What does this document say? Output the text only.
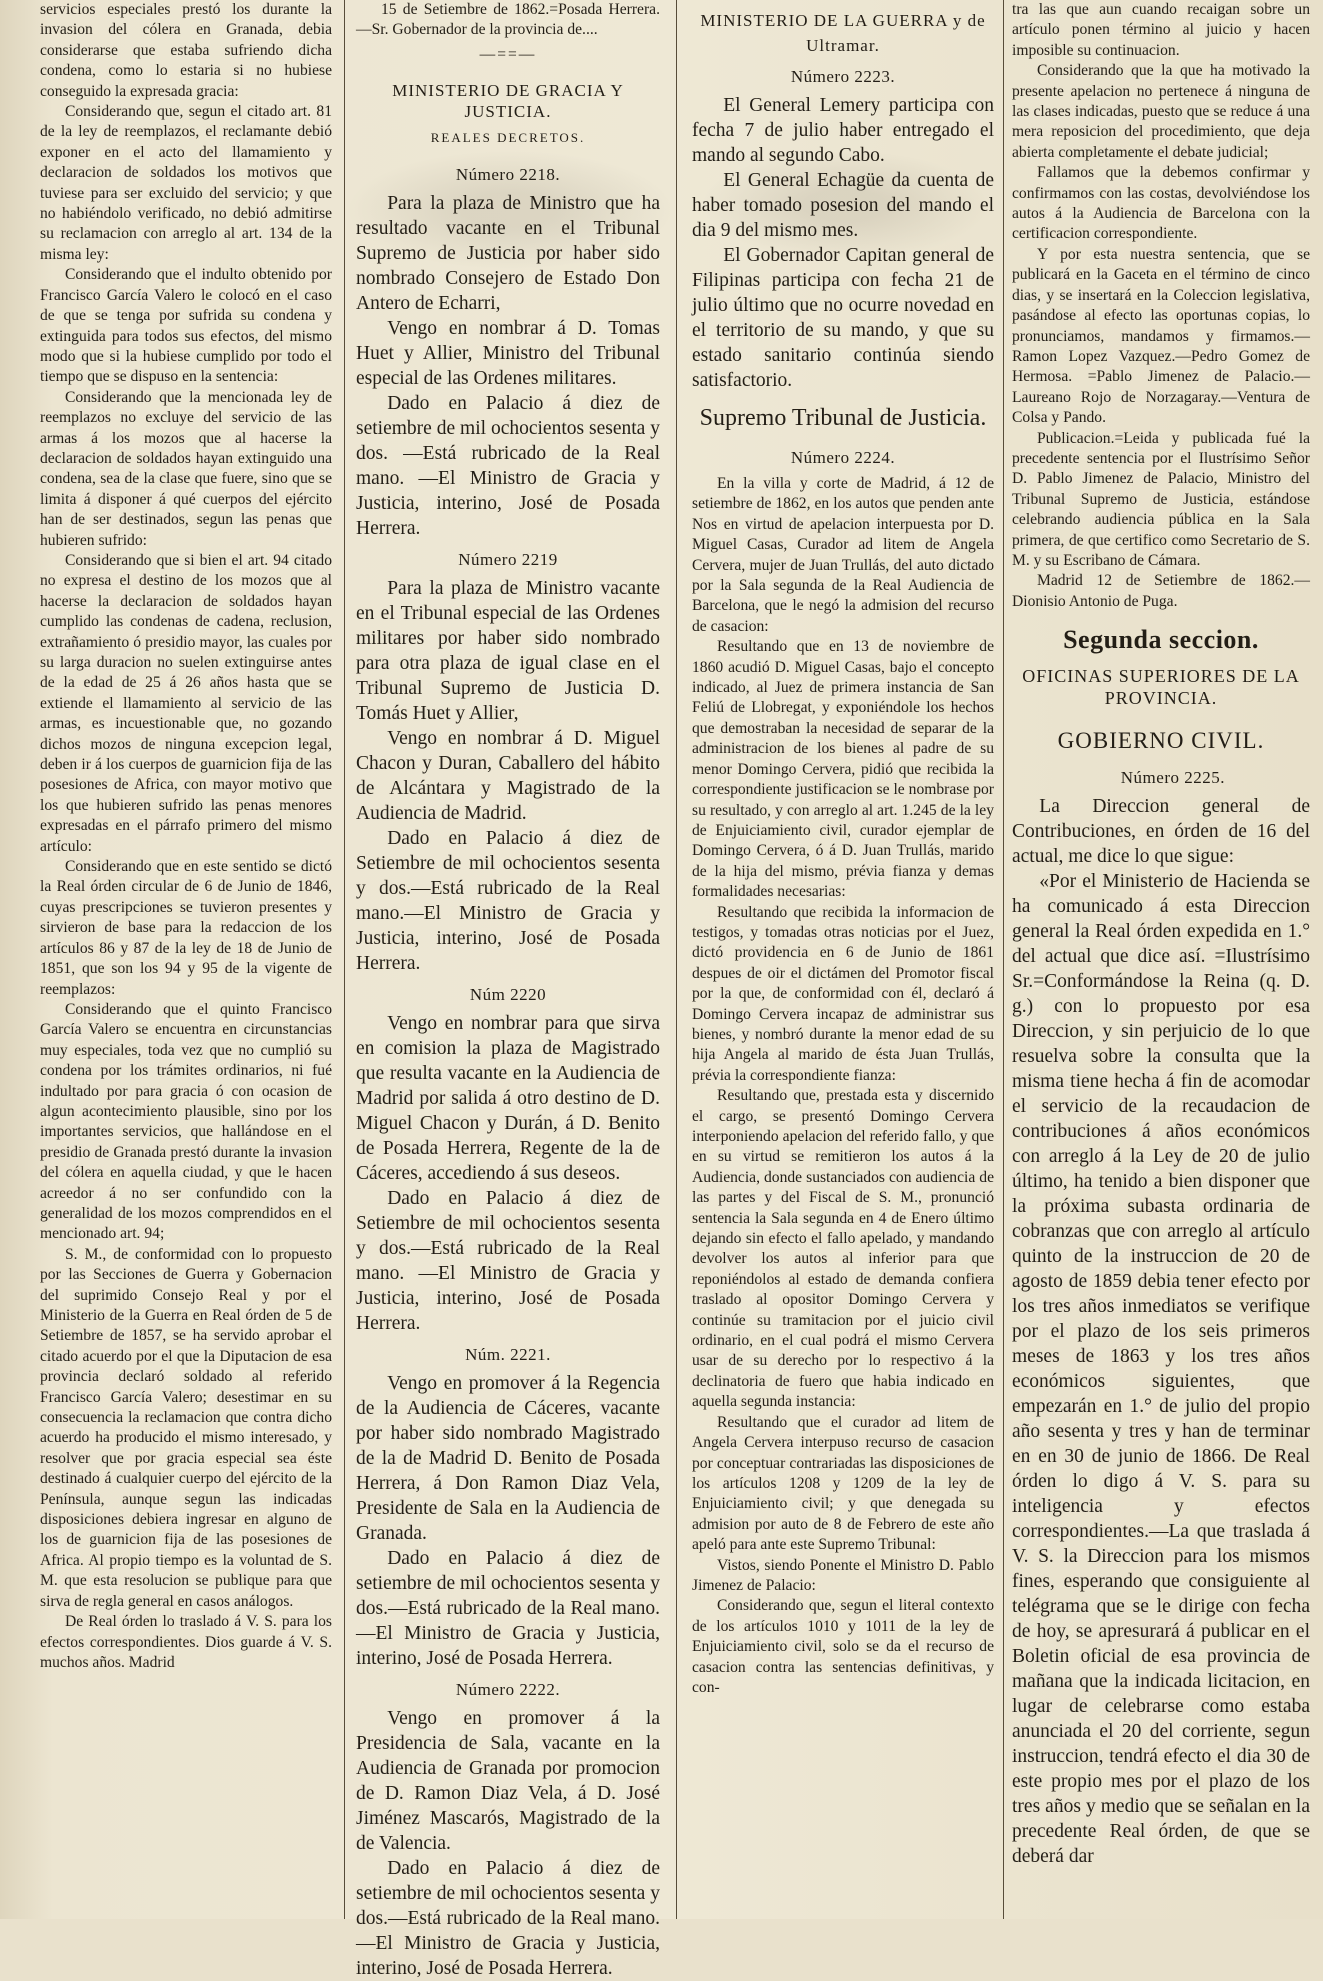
servicios especiales prestó los durante la invasion del cólera en Granada, debia considerarse que estaba sufriendo dicha condena, como lo estaria si no hubiese conseguido la expresada gracia:

Considerando que, segun el citado art. 81 de la ley de reemplazos, el reclamante debió exponer en el acto del llamamiento y declaracion de soldados los motivos que tuviese para ser excluido del servicio; y que no habiéndolo verificado, no debió admitirse su reclamacion con arreglo al art. 134 de la misma ley:

Considerando que el indulto obtenido por Francisco García Valero le colocó en el caso de que se tenga por sufrida su condena y extinguida para todos sus efectos, del mismo modo que si la hubiese cumplido por todo el tiempo que se dispuso en la sentencia:

Considerando que la mencionada ley de reemplazos no excluye del servicio de las armas á los mozos que al hacerse la declaracion de soldados hayan extinguido una condena, sea de la clase que fuere, sino que se limita á disponer á qué cuerpos del ejército han de ser destinados, segun las penas que hubieren sufrido:

Considerando que si bien el art. 94 citado no expresa el destino de los mozos que al hacerse la declaracion de soldados hayan cumplido las condenas de cadena, reclusion, extrañamiento ó presidio mayor, las cuales por su larga duracion no suelen extinguirse antes de la edad de 25 á 26 años hasta que se extiende el llamamiento al servicio de las armas, es incuestionable que, no gozando dichos mozos de ninguna excepcion legal, deben ir á los cuerpos de guarnicion fija de las posesiones de Africa, con mayor motivo que los que hubieren sufrido las penas menores expresadas en el párrafo primero del mismo artículo:

Considerando que en este sentido se dictó la Real órden circular de 6 de Junio de 1846, cuyas prescripciones se tuvieron presentes y sirvieron de base para la redaccion de los artículos 86 y 87 de la ley de 18 de Junio de 1851, que son los 94 y 95 de la vigente de reemplazos:

Considerando que el quinto Francisco García Valero se encuentra en circunstancias muy especiales, toda vez que no cumplió su condena por los trámites ordinarios, ni fué indultado por para gracia ó con ocasion de algun acontecimiento plausible, sino por los importantes servicios, que hallándose en el presidio de Granada prestó durante la invasion del cólera en aquella ciudad, y que le hacen acreedor á no ser confundido con la generalidad de los mozos comprendidos en el mencionado art. 94;

S. M., de conformidad con lo propuesto por las Secciones de Guerra y Gobernacion del suprimido Consejo Real y por el Ministerio de la Guerra en Real órden de 5 de Setiembre de 1857, se ha servido aprobar el citado acuerdo por el que la Diputacion de esa provincia declaró soldado al referido Francisco García Valero; desestimar en su consecuencia la reclamacion que contra dicho acuerdo ha producido el mismo interesado, y resolver que por gracia especial sea éste destinado á cualquier cuerpo del ejército de la Península, aunque segun las indicadas disposiciones debiera ingresar en alguno de los de guarnicion fija de las posesiones de Africa. Al propio tiempo es la voluntad de S. M. que esta resolucion se publique para que sirva de regla general en casos análogos.

De Real órden lo traslado á V. S. para los efectos correspondientes. Dios guarde á V. S. muchos años. Madrid

15 de Setiembre de 1862.=Posada Herrera.—Sr. Gobernador de la provincia de....

—==—

MINISTERIO DE GRACIA Y JUSTICIA.

REALES DECRETOS.

Número 2218.

Para la plaza de Ministro que ha resultado vacante en el Tribunal Supremo de Justicia por haber sido nombrado Consejero de Estado Don Antero de Echarri,

Vengo en nombrar á D. Tomas Huet y Allier, Ministro del Tribunal especial de las Ordenes militares.

Dado en Palacio á diez de setiembre de mil ochocientos sesenta y dos. —Está rubricado de la Real mano. —El Ministro de Gracia y Justicia, interino, José de Posada Herrera.

Número 2219

Para la plaza de Ministro vacante en el Tribunal especial de las Ordenes militares por haber sido nombrado para otra plaza de igual clase en el Tribunal Supremo de Justicia D. Tomás Huet y Allier,

Vengo en nombrar á D. Miguel Chacon y Duran, Caballero del hábito de Alcántara y Magistrado de la Audiencia de Madrid.

Dado en Palacio á diez de Setiembre de mil ochocientos sesenta y dos.—Está rubricado de la Real mano.—El Ministro de Gracia y Justicia, interino, José de Posada Herrera.

Núm 2220

Vengo en nombrar para que sirva en comision la plaza de Magistrado que resulta vacante en la Audiencia de Madrid por salida á otro destino de D. Miguel Chacon y Durán, á D. Benito de Posada Herrera, Regente de la de Cáceres, accediendo á sus deseos.

Dado en Palacio á diez de Setiembre de mil ochocientos sesenta y dos.—Está rubricado de la Real mano. —El Ministro de Gracia y Justicia, interino, José de Posada Herrera.

Núm. 2221.

Vengo en promover á la Regencia de la Audiencia de Cáceres, vacante por haber sido nombrado Magistrado de la de Madrid D. Benito de Posada Herrera, á Don Ramon Diaz Vela, Presidente de Sala en la Audiencia de Granada.

Dado en Palacio á diez de setiembre de mil ochocientos sesenta y dos.—Está rubricado de la Real mano.—El Ministro de Gracia y Justicia, interino, José de Posada Herrera.

Número 2222.

Vengo en promover á la Presidencia de Sala, vacante en la Audiencia de Granada por promocion de D. Ramon Diaz Vela, á D. José Jiménez Mascarós, Magistrado de la de Valencia.

Dado en Palacio á diez de setiembre de mil ochocientos sesenta y dos.—Está rubricado de la Real mano.—El Ministro de Gracia y Justicia, interino, José de Posada Herrera.

MINISTERIO DE LA GUERRA y de Ultramar.

Número 2223.

El General Lemery participa con fecha 7 de julio haber entregado el mando al segundo Cabo.

El General Echagüe da cuenta de haber tomado posesion del mando el dia 9 del mismo mes.

El Gobernador Capitan general de Filipinas participa con fecha 21 de julio último que no ocurre novedad en el territorio de su mando, y que su estado sanitario continúa siendo satisfactorio.

Supremo Tribunal de Justicia.

Número 2224.

En la villa y corte de Madrid, á 12 de setiembre de 1862, en los autos que penden ante Nos en virtud de apelacion interpuesta por D. Miguel Casas, Curador ad litem de Angela Cervera, mujer de Juan Trullás, del auto dictado por la Sala segunda de la Real Audiencia de Barcelona, que le negó la admision del recurso de casacion:

Resultando que en 13 de noviembre de 1860 acudió D. Miguel Casas, bajo el concepto indicado, al Juez de primera instancia de San Feliú de Llobregat, y exponiéndole los hechos que demostraban la necesidad de separar de la administracion de los bienes al padre de su menor Domingo Cervera, pidió que recibida la correspondiente justificacion se le nombrase por su resultado, y con arreglo al art. 1.245 de la ley de Enjuiciamiento civil, curador ejemplar de Domingo Cervera, ó á D. Juan Trullás, marido de la hija del mismo, prévia fianza y demas formalidades necesarias:

Resultando que recibida la informacion de testigos, y tomadas otras noticias por el Juez, dictó providencia en 6 de Junio de 1861 despues de oir el dictámen del Promotor fiscal por la que, de conformidad con él, declaró á Domingo Cervera incapaz de administrar sus bienes, y nombró durante la menor edad de su hija Angela al marido de ésta Juan Trullás, prévia la correspondiente fianza:

Resultando que, prestada esta y discernido el cargo, se presentó Domingo Cervera interponiendo apelacion del referido fallo, y que en su virtud se remitieron los autos á la Audiencia, donde sustanciados con audiencia de las partes y del Fiscal de S. M., pronunció sentencia la Sala segunda en 4 de Enero último dejando sin efecto el fallo apelado, y mandando devolver los autos al inferior para que reponiéndolos al estado de demanda confiera traslado al opositor Domingo Cervera y continúe su tramitacion por el juicio civil ordinario, en el cual podrá el mismo Cervera usar de su derecho por lo respectivo á la declinatoria de fuero que habia indicado en aquella segunda instancia:

Resultando que el curador ad litem de Angela Cervera interpuso recurso de casacion por conceptuar contrariadas las disposiciones de los artículos 1208 y 1209 de la ley de Enjuiciamiento civil; y que denegada su admision por auto de 8 de Febrero de este año apeló para ante este Supremo Tribunal:

Vistos, siendo Ponente el Ministro D. Pablo Jimenez de Palacio:

Considerando que, segun el literal contexto de los artículos 1010 y 1011 de la ley de Enjuiciamiento civil, solo se da el recurso de casacion contra las sentencias definitivas, y con-

tra las que aun cuando recaigan sobre un artículo ponen término al juicio y hacen imposible su continuacion.

Considerando que la que ha motivado la presente apelacion no pertenece á ninguna de las clases indicadas, puesto que se reduce á una mera reposicion del procedimiento, que deja abierta completamente el debate judicial;

Fallamos que la debemos confirmar y confirmamos con las costas, devolviéndose los autos á la Audiencia de Barcelona con la certificacion correspondiente.

Y por esta nuestra sentencia, que se publicará en la Gaceta en el término de cinco dias, y se insertará en la Coleccion legislativa, pasándose al efecto las oportunas copias, lo pronunciamos, mandamos y firmamos.—Ramon Lopez Vazquez.—Pedro Gomez de Hermosa. =Pablo Jimenez de Palacio.—Laureano Rojo de Norzagaray.—Ventura de Colsa y Pando.

Publicacion.=Leida y publicada fué la precedente sentencia por el Ilustrísimo Señor D. Pablo Jimenez de Palacio, Ministro del Tribunal Supremo de Justicia, estándose celebrando audiencia pública en la Sala primera, de que certifico como Secretario de S. M. y su Escribano de Cámara.

Madrid 12 de Setiembre de 1862.—Dionisio Antonio de Puga.

Segunda seccion.

OFICINAS SUPERIORES DE LA PROVINCIA.

GOBIERNO CIVIL.

Número 2225.

La Direccion general de Contribuciones, en órden de 16 del actual, me dice lo que sigue:

«Por el Ministerio de Hacienda se ha comunicado á esta Direccion general la Real órden expedida en 1.° del actual que dice así. =Ilustrísimo Sr.=Conformándose la Reina (q. D. g.) con lo propuesto por esa Direccion, y sin perjuicio de lo que resuelva sobre la consulta que la misma tiene hecha á fin de acomodar el servicio de la recaudacion de contribuciones á años económicos con arreglo á la Ley de 20 de julio último, ha tenido a bien disponer que la próxima subasta ordinaria de cobranzas que con arreglo al artículo quinto de la instruccion de 20 de agosto de 1859 debia tener efecto por los tres años inmediatos se verifique por el plazo de los seis primeros meses de 1863 y los tres años económicos siguientes, que empezarán en 1.° de julio del propio año sesenta y tres y han de terminar en en 30 de junio de 1866. De Real órden lo digo á V. S. para su inteligencia y efectos correspondientes.—La que traslada á V. S. la Direccion para los mismos fines, esperando que consiguiente al telégrama que se le dirige con fecha de hoy, se apresurará á publicar en el Boletin oficial de esa provincia de mañana que la indicada licitacion, en lugar de celebrarse como estaba anunciada el 20 del corriente, segun instruccion, tendrá efecto el dia 30 de este propio mes por el plazo de los tres años y medio que se señalan en la precedente Real órden, de que se deberá dar
